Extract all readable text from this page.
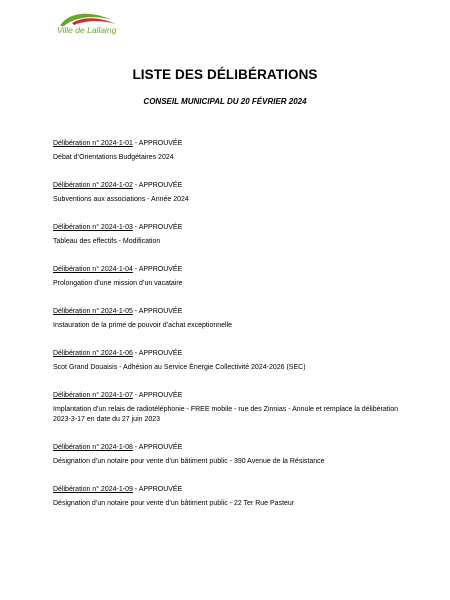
Ville de Lallaing
LISTE DES DÉLIBÉRATIONS
CONSEIL MUNICIPAL DU 20 FÉVRIER 2024
Délibération n° 2024-1-01 - APPROUVÉE
Débat d’Orientations Budgétaires 2024
Délibération n° 2024-1-02 - APPROUVÉE
Subventions aux associations - Année 2024
Délibération n° 2024-1-03 - APPROUVÉE
Tableau des effectifs - Modification
Délibération n° 2024-1-04 - APPROUVÉE
Prolongation d’une mission d’un vacataire
Délibération n° 2024-1-05 - APPROUVÉE
Instauration de la prime de pouvoir d’achat exceptionnelle
Délibération n° 2024-1-06 - APPROUVÉE
Scot Grand Douaisis - Adhésion au Service Énergie Collectivité 2024-2026 (SEC)
Délibération n° 2024-1-07 - APPROUVÉE
Implantation d’un relais de radiotéléphonie - FREE mobile - rue des Zinnias - Annule et remplace la délibération 2023-3-17 en date du 27 juin 2023
Délibération n° 2024-1-08 - APPROUVÉE
Désignation d’un notaire pour vente d’un bâtiment public - 390 Avenue de la Résistance
Délibération n° 2024-1-09 - APPROUVÉE
Désignation d’un notaire pour vente d’un bâtiment public - 22 Ter Rue Pasteur
